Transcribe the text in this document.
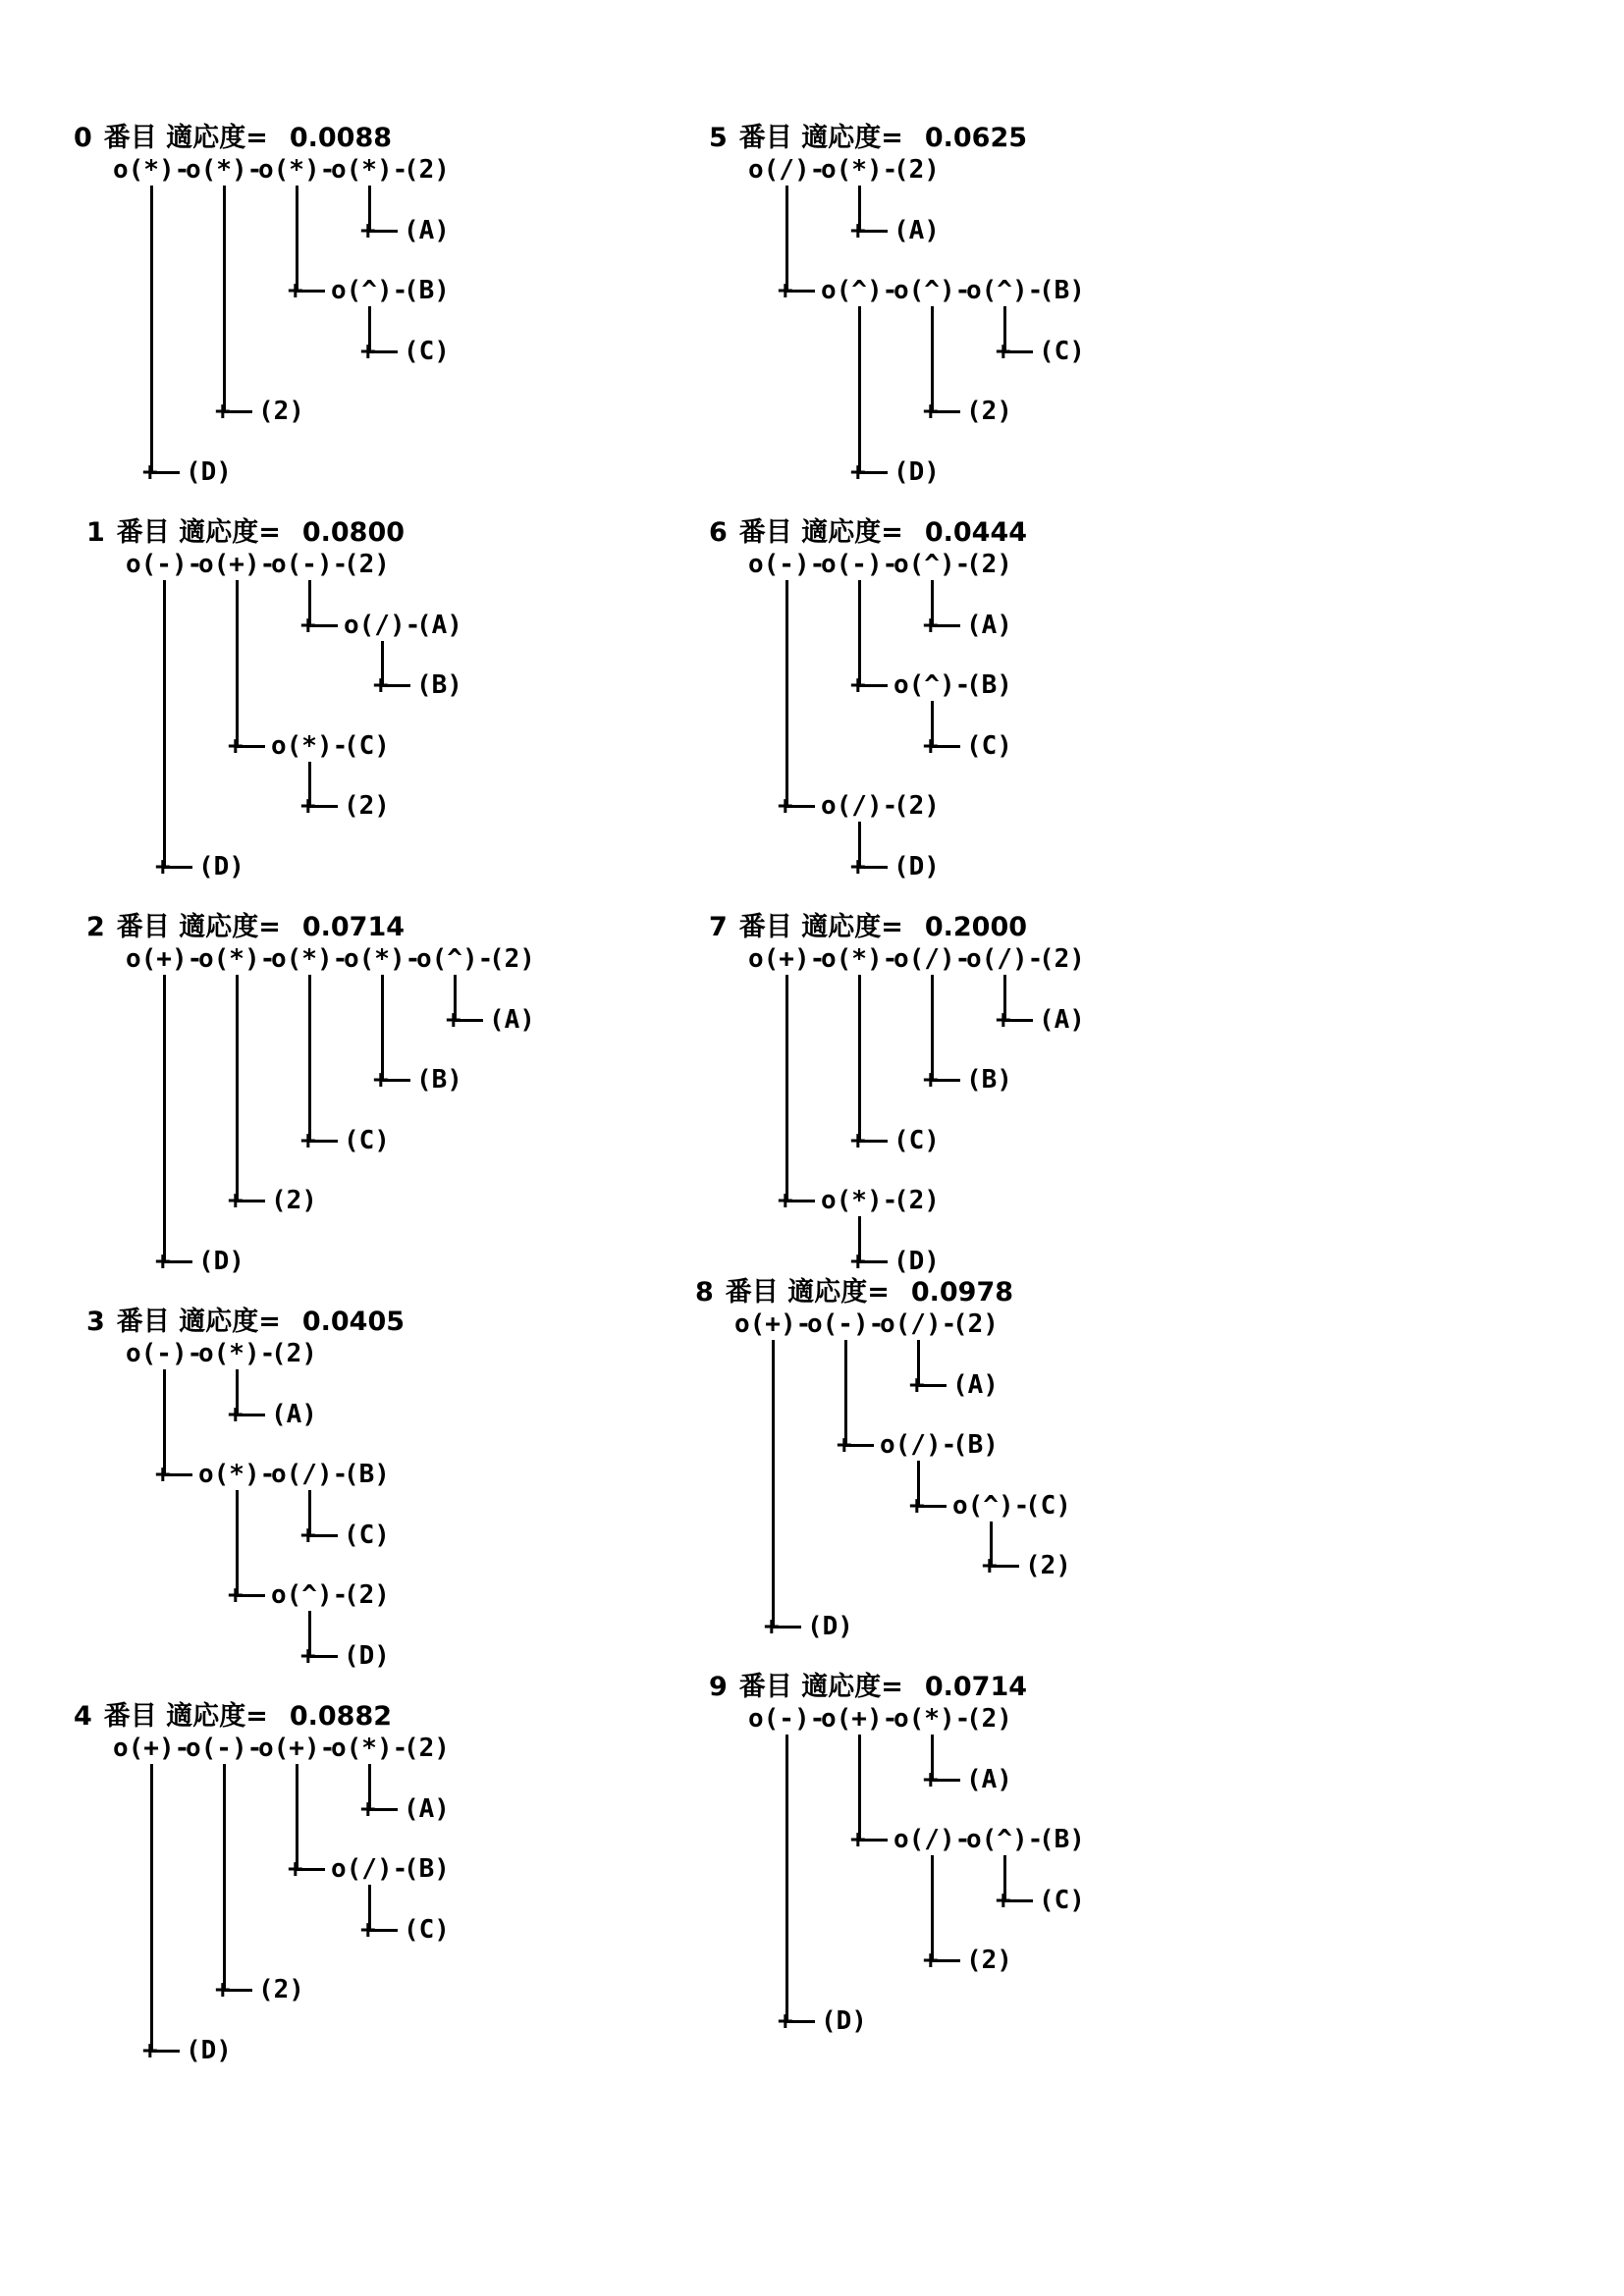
0 番目 適応度= 0.0088
o(*)-
o(*)-
o(*)-
o(*)-
(2)
+ (A)
+ o(^)-
(B)
+ (C)
+ (2)
+ (D)
1 番目 適応度= 0.0800
o(-)-
o(+)-
o(-)-
(2)
+ o(/)-
(A)
+ (B)
+ o(*)-
(C)
+ (2)
+ (D)
2 番目 適応度= 0.0714
o(+)-
o(*)-
o(*)-
o(*)-
o(^)-
(2)
+ (A)
+ (B)
+ (C)
+ (2)
+ (D)
3 番目 適応度= 0.0405
o(-)-
o(*)-
(2)
+ (A)
+ o(*)-
o(/)-
(B)
+ (C)
+ o(^)-
(2)
+ (D)
4 番目 適応度= 0.0882
o(+)-
o(-)-
o(+)-
o(*)-
(2)
+ (A)
+ o(/)-
(B)
+ (C)
+ (2)
+ (D)
5 番目 適応度= 0.0625
o(/)-
o(*)-
(2)
+ (A)
+ o(^)-
o(^)-
o(^)-
(B)
+ (C)
+ (2)
+ (D)
6 番目 適応度= 0.0444
o(-)-
o(-)-
o(^)-
(2)
+ (A)
+ o(^)-
(B)
+ (C)
+ o(/)-
(2)
+ (D)
7 番目 適応度= 0.2000
o(+)-
o(*)-
o(/)-
o(/)-
(2)
+ (A)
+ (B)
+ (C)
+ o(*)-
(2)
+ (D)
8 番目 適応度= 0.0978
o(+)-
o(-)-
o(/)-
(2)
+ (A)
+ o(/)-
(B)
+ o(^)-
(C)
+ (2)
+ (D)
9 番目 適応度= 0.0714
o(-)-
o(+)-
o(*)-
(2)
+ (A)
+ o(/)-
o(^)-
(B)
+ (C)
+ (2)
+ (D)
